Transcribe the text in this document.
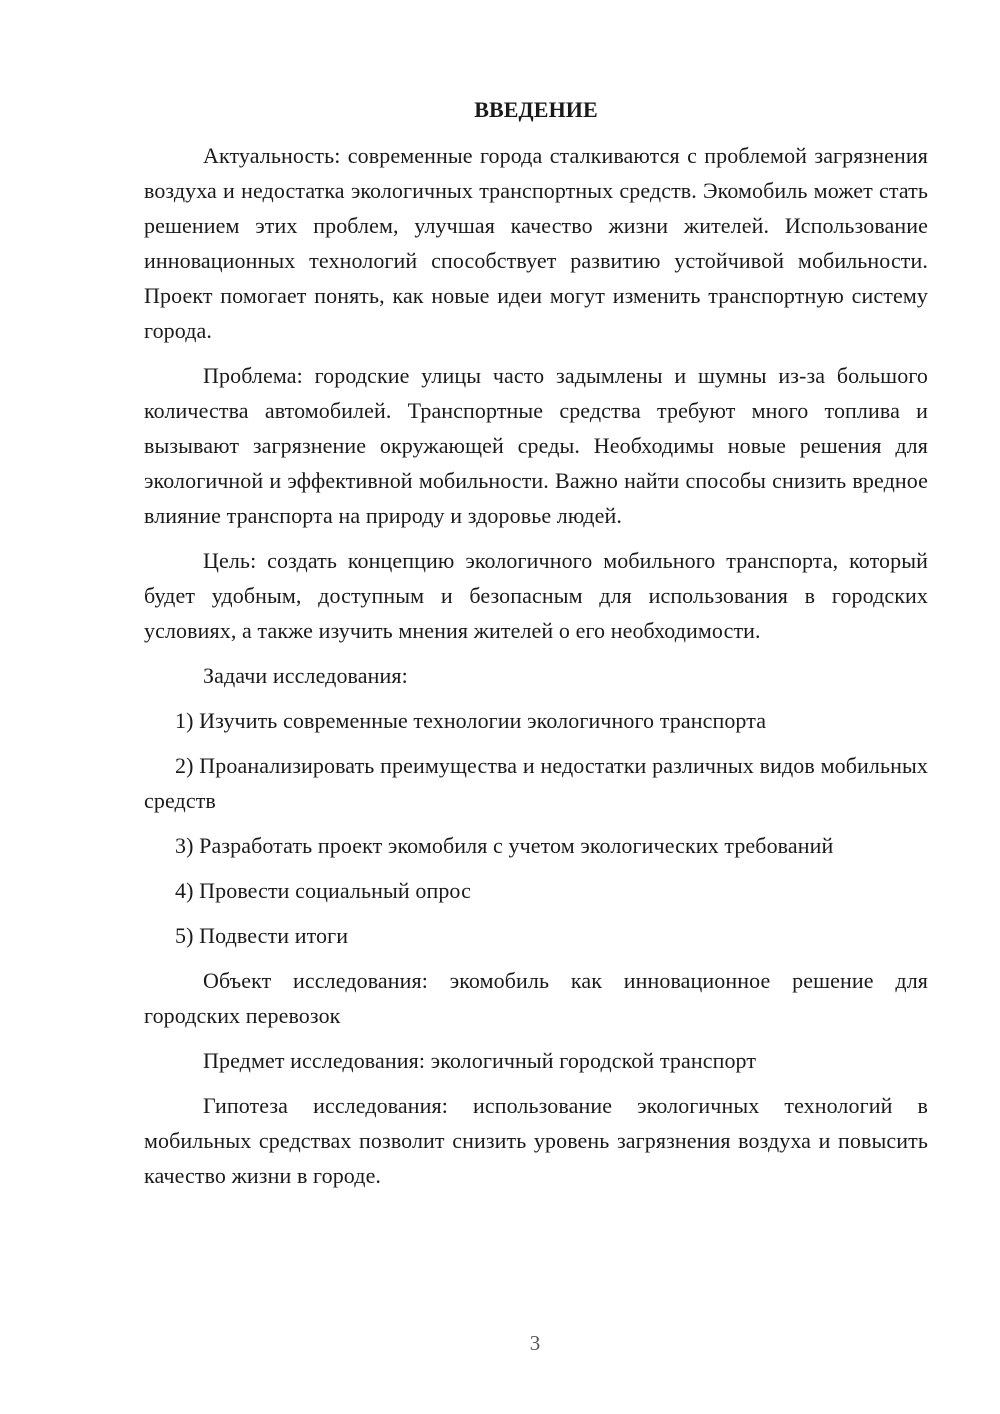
ВВЕДЕНИЕ
Актуальность: современные города сталкиваются с проблемой загрязнения воздуха и недостатка экологичных транспортных средств. Экомобиль может стать решением этих проблем, улучшая качество жизни жителей. Использование инновационных технологий способствует развитию устойчивой мобильности. Проект помогает понять, как новые идеи могут изменить транспортную систему города.
Проблема: городские улицы часто задымлены и шумны из-за большого количества автомобилей. Транспортные средства требуют много топлива и вызывают загрязнение окружающей среды. Необходимы новые решения для экологичной и эффективной мобильности. Важно найти способы снизить вредное влияние транспорта на природу и здоровье людей.
Цель: создать концепцию экологичного мобильного транспорта, который будет удобным, доступным и безопасным для использования в городских условиях, а также изучить мнения жителей о его необходимости.
Задачи исследования:
1) Изучить современные технологии экологичного транспорта
2) Проанализировать преимущества и недостатки различных видов мобильных средств
3) Разработать проект экомобиля с учетом экологических требований
4) Провести социальный опрос
5) Подвести итоги
Объект исследования: экомобиль как инновационное решение для городских перевозок
Предмет исследования: экологичный городской транспорт
Гипотеза исследования: использование экологичных технологий в мобильных средствах позволит снизить уровень загрязнения воздуха и повысить качество жизни в городе.
3
